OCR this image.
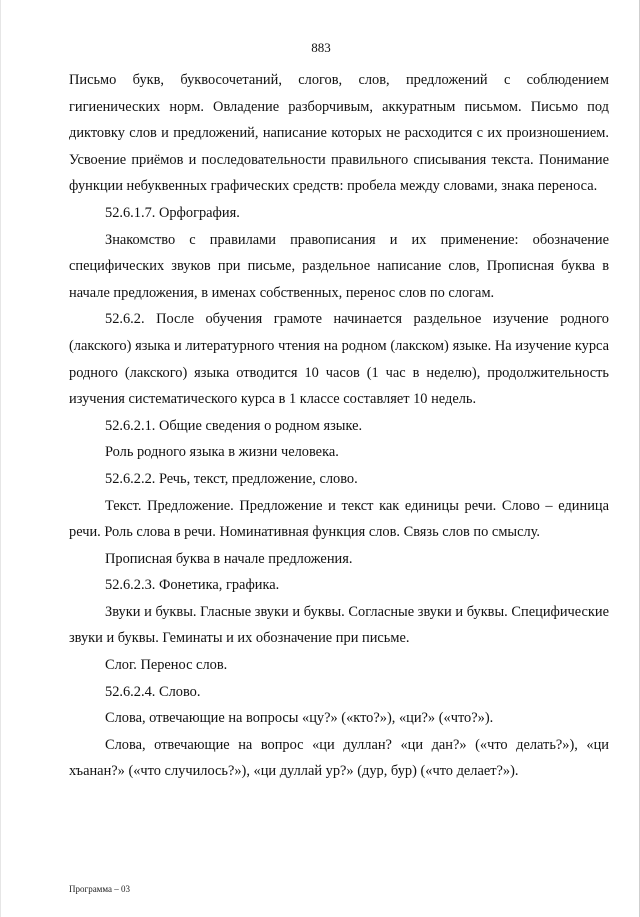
883

Письмо букв, буквосочетаний, слогов, слов, предложений с соблюдением гигиенических норм. Овладение разборчивым, аккуратным письмом. Письмо под диктовку слов и предложений, написание которых не расходится с их произношением. Усвоение приёмов и последовательности правильного списывания текста. Понимание функции небуквенных графических средств: пробела между словами, знака переноса.

52.6.1.7. Орфография.

Знакомство с правилами правописания и их применение: обозначение специфических звуков при письме, раздельное написание слов, Прописная буква в начале предложения, в именах собственных, перенос слов по слогам.

52.6.2. После обучения грамоте начинается раздельное изучение родного (лакского) языка и литературного чтения на родном (лакском) языке. На изучение курса родного (лакского) языка отводится 10 часов (1 час в неделю), продолжительность изучения систематического курса в 1 классе составляет 10 недель.

52.6.2.1. Общие сведения о родном языке.

Роль родного языка в жизни человека.

52.6.2.2. Речь, текст, предложение, слово.

Текст. Предложение. Предложение и текст как единицы речи. Слово – единица речи. Роль слова в речи. Номинативная функция слов. Связь слов по смыслу.

Прописная буква в начале предложения.

52.6.2.3. Фонетика, графика.

Звуки и буквы. Гласные звуки и буквы. Согласные звуки и буквы. Специфические звуки и буквы. Геминаты и их обозначение при письме.

Слог. Перенос слов.

52.6.2.4. Слово.

Слова, отвечающие на вопросы «цу?» («кто?»), «ци?» («что?»).

Слова, отвечающие на вопрос «ци дуллан? «ци дан?» («что делать?»), «ци хъанан?» («что случилось?»), «ци дуллай ур?» (дур, бур) («что делает?»).

Программа – 03
